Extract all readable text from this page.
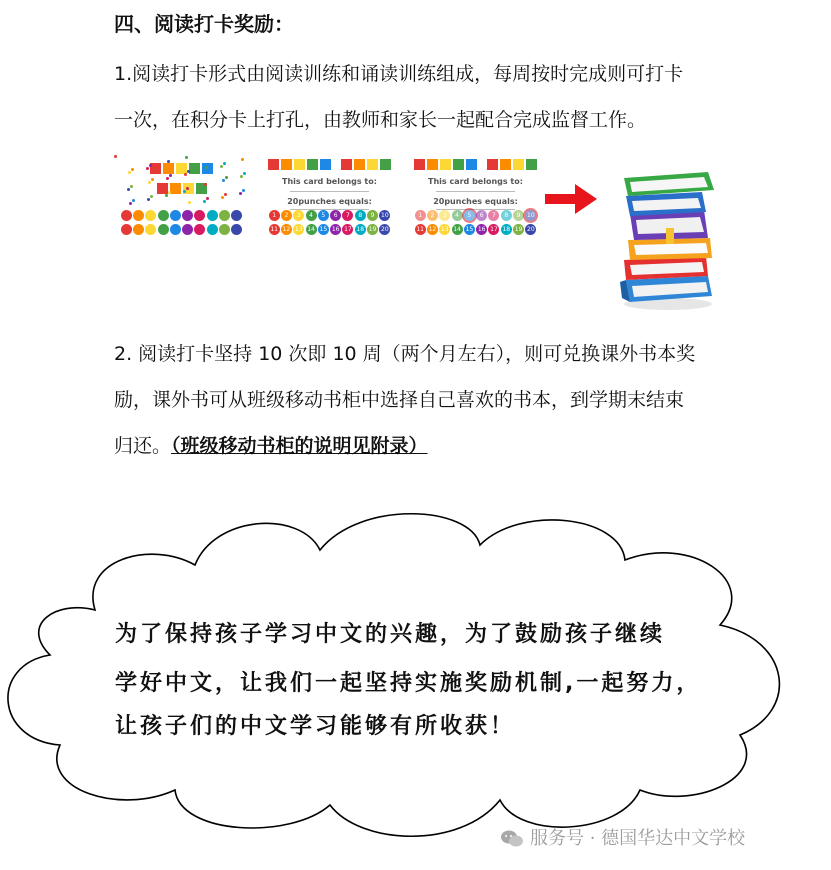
四、阅读打卡奖励：
1.阅读打卡形式由阅读训练和诵读训练组成，每周按时完成则可打卡
一次，在积分卡上打孔，由教师和家长一起配合完成监督工作。
This card belongs to:
20punches equals:
1	2	3	4	5	6	7	8	9	10
11 12 13 14 15 16 17 18 19 20
This card belongs to:
20punches equals:
1	2	3	4	5	6	7	8	9	10
11 12 13 14 15 16 17 18 19 20
2. 阅读打卡坚持 10 次即 10 周（两个月左右），则可兑换课外书本奖
励，课外书可从班级移动书柜中选择自己喜欢的书本，到学期末结束
归还。（班级移动书柜的说明见附录）
为了保持孩子学习中文的兴趣，为了鼓励孩子继续
学好中文，让我们一起坚持实施奖励机制,一起努力，
让孩子们的中文学习能够有所收获！
服务号 · 德国华达中文学校
